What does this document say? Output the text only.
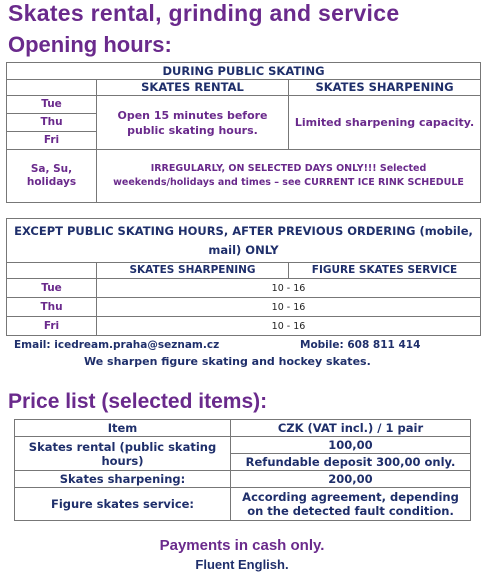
Skates rental, grinding and service
Opening hours:
DURING PUBLIC SKATING		
	SKATES RENTAL	SKATES SHARPENING
Tue	Open 15 minutes before public skating hours.	Limited sharpening capacity.
Thu		
Fri		
Sa, Su, holidays	IRREGULARLY, ON SELECTED DAYS ONLY!!! Selected weekends/holidays and times – see CURRENT ICE RINK SCHEDULE	
EXCEPT PUBLIC SKATING HOURS, AFTER PREVIOUS ORDERING (mobile, mail) ONLY		
	SKATES SHARPENING	FIGURE SKATES SERVICE
Tue	10 - 16	
Thu	10 - 16	
Fri	10 - 16	
Email: icedream.praha@seznam.cz	Mobile: 608 811 414
We sharpen figure skating and hockey skates.
Price list (selected items):
Item	CZK (VAT incl.) / 1 pair
Skates rental (public skating hours)	100,00
	Refundable deposit 300,00 only.
Skates sharpening:	200,00
Figure skates service:	According agreement, depending on the detected fault condition.
Payments in cash only.
Fluent English.
